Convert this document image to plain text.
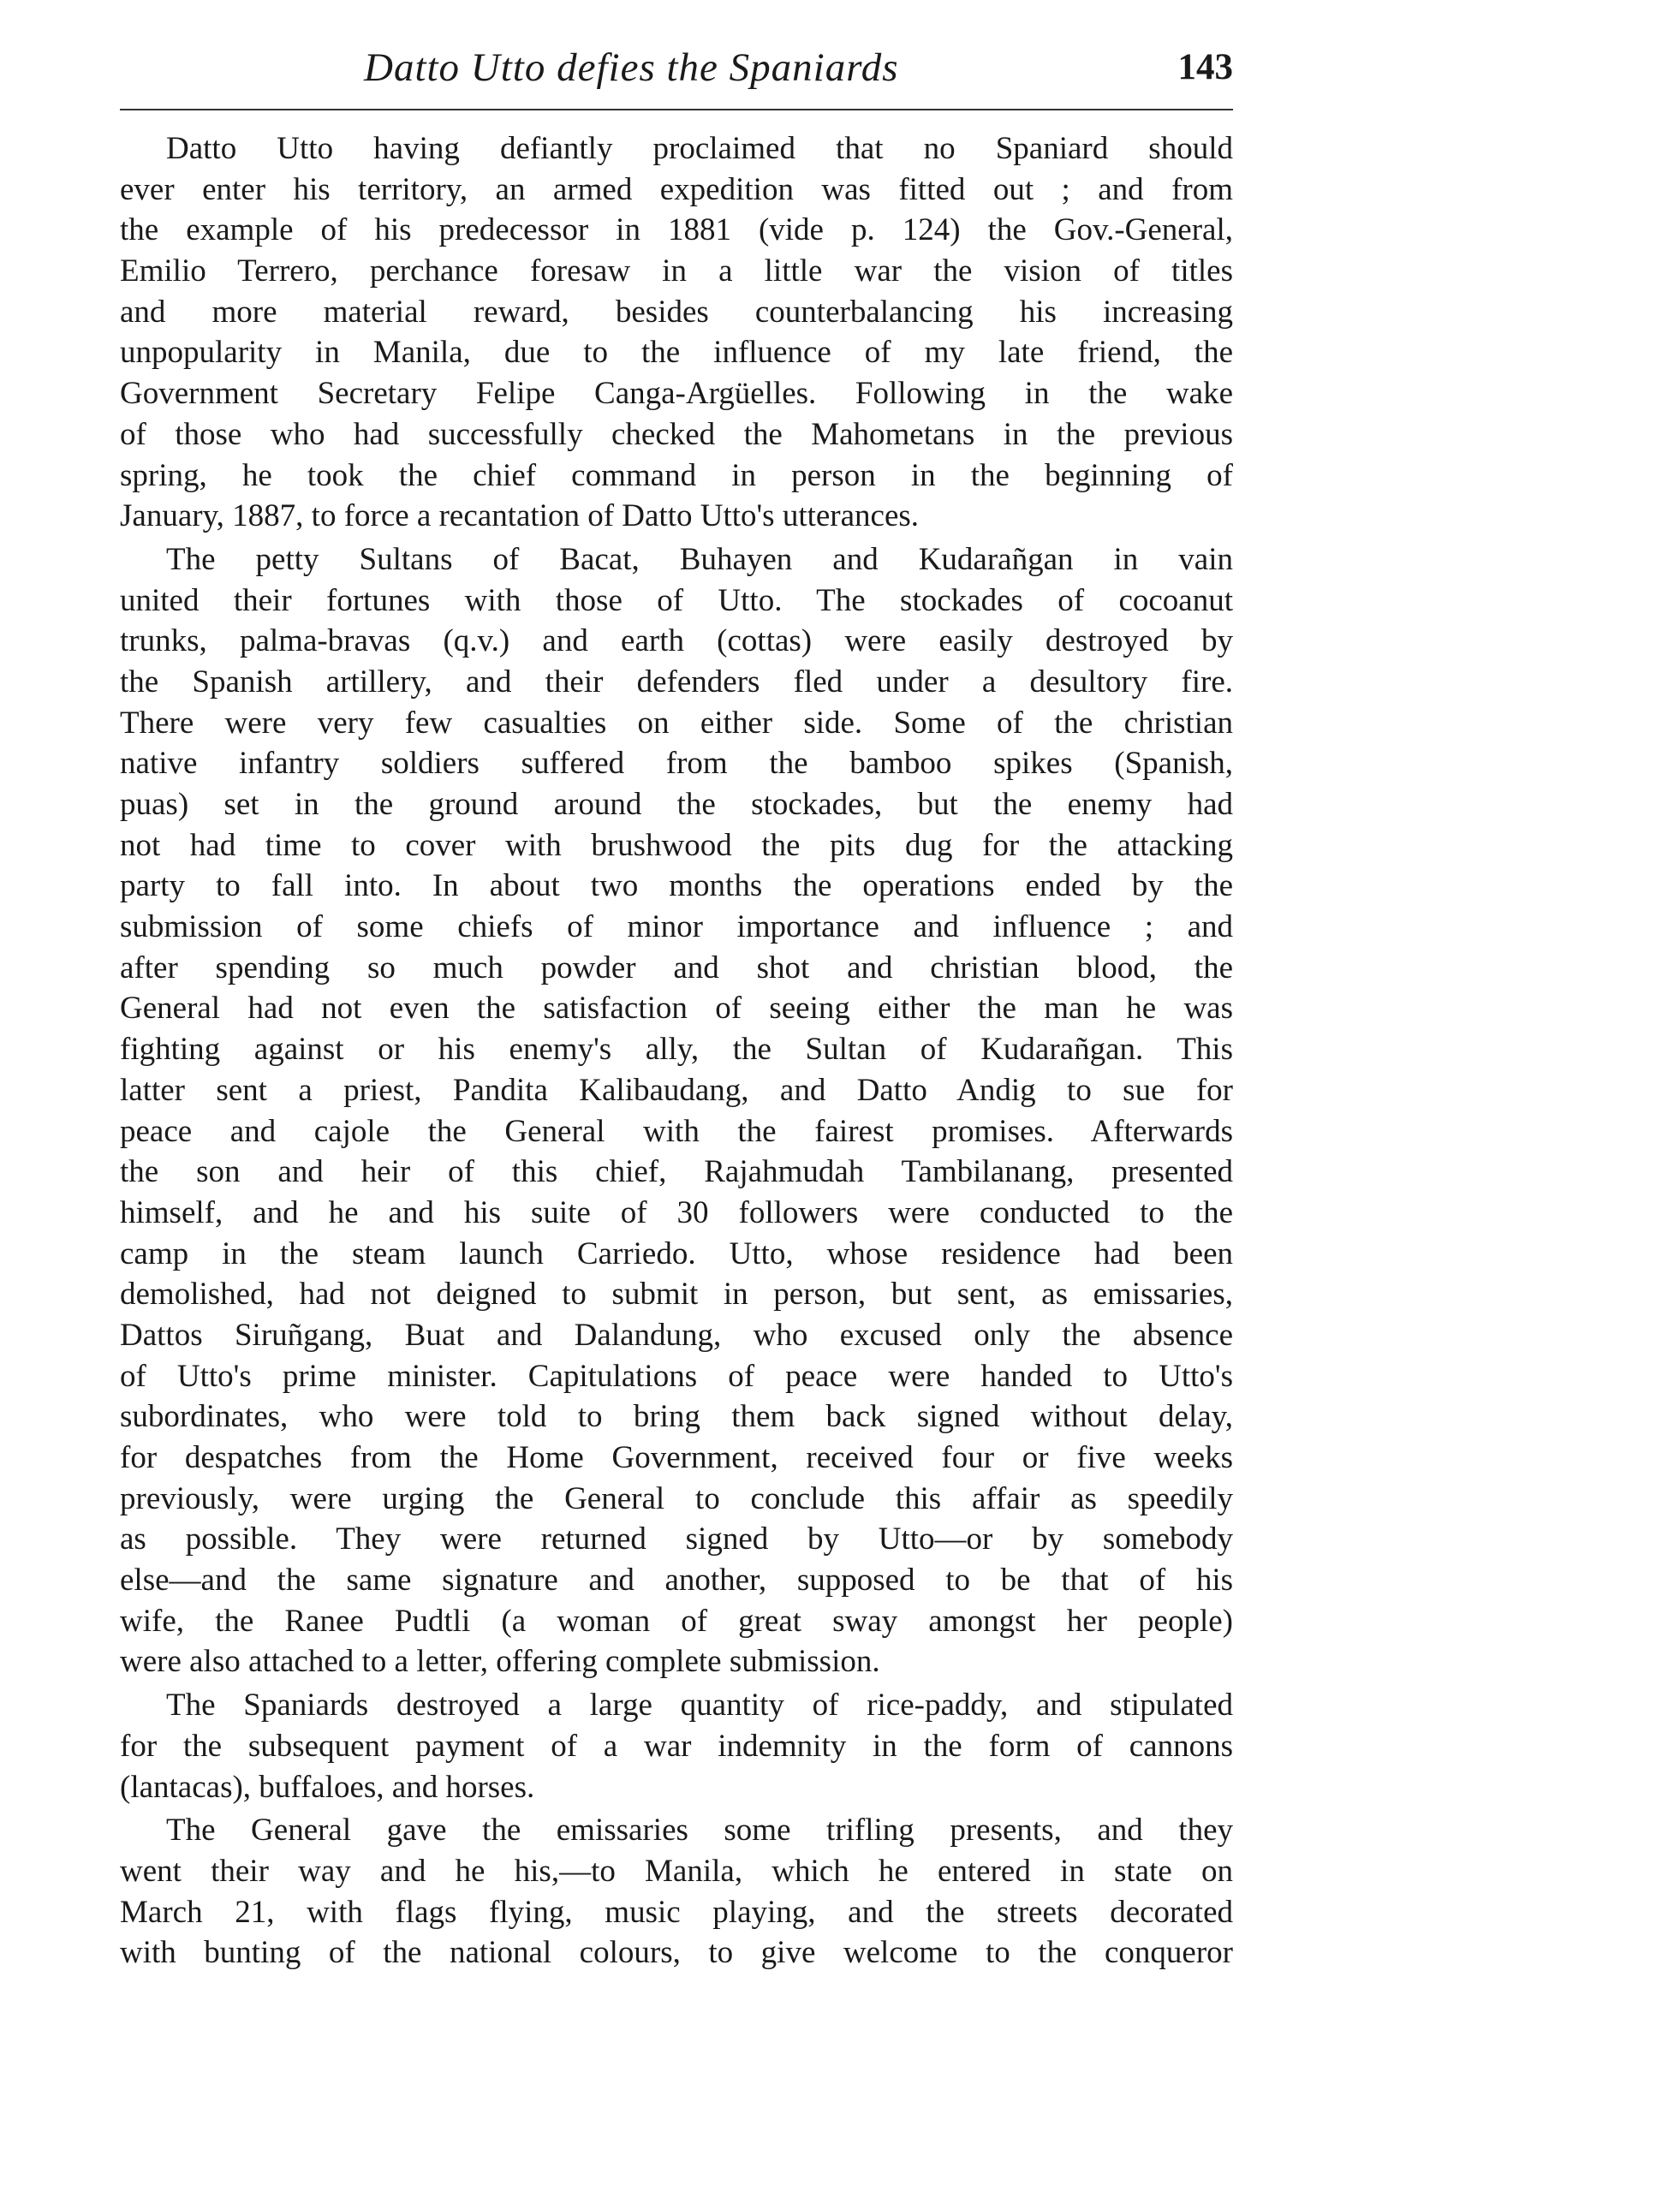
Datto Utto defies the Spaniards	143
Datto Utto having defiantly proclaimed that no Spaniard should
ever enter his territory, an armed expedition was fitted out ; and from
the example of his predecessor in 1881 (vide p. 124) the Gov.-General,
Emilio Terrero, perchance foresaw in a little war the vision of titles
and more material reward, besides counterbalancing his increasing
unpopularity in Manila, due to the influence of my late friend, the
Government Secretary Felipe Canga-Argüelles. Following in the wake
of those who had successfully checked the Mahometans in the previous
spring, he took the chief command in person in the beginning of
January, 1887, to force a recantation of Datto Utto's utterances.
The petty Sultans of Bacat, Buhayen and Kudarañgan in vain
united their fortunes with those of Utto. The stockades of cocoanut
trunks, palma-bravas (q.v.) and earth (cottas) were easily destroyed by
the Spanish artillery, and their defenders fled under a desultory fire.
There were very few casualties on either side. Some of the christian
native infantry soldiers suffered from the bamboo spikes (Spanish,
puas) set in the ground around the stockades, but the enemy had
not had time to cover with brushwood the pits dug for the attacking
party to fall into. In about two months the operations ended by the
submission of some chiefs of minor importance and influence ; and
after spending so much powder and shot and christian blood, the
General had not even the satisfaction of seeing either the man he was
fighting against or his enemy's ally, the Sultan of Kudarañgan. This
latter sent a priest, Pandita Kalibaudang, and Datto Andig to sue for
peace and cajole the General with the fairest promises. Afterwards
the son and heir of this chief, Rajahmudah Tambilanang, presented
himself, and he and his suite of 30 followers were conducted to the
camp in the steam launch Carriedo. Utto, whose residence had been
demolished, had not deigned to submit in person, but sent, as emissaries,
Dattos Siruñgang, Buat and Dalandung, who excused only the absence
of Utto's prime minister. Capitulations of peace were handed to Utto's
subordinates, who were told to bring them back signed without delay,
for despatches from the Home Government, received four or five weeks
previously, were urging the General to conclude this affair as speedily
as possible. They were returned signed by Utto—or by somebody
else—and the same signature and another, supposed to be that of his
wife, the Ranee Pudtli (a woman of great sway amongst her people)
were also attached to a letter, offering complete submission.
The Spaniards destroyed a large quantity of rice-paddy, and stipulated
for the subsequent payment of a war indemnity in the form of cannons
(lantacas), buffaloes, and horses.
The General gave the emissaries some trifling presents, and they
went their way and he his,—to Manila, which he entered in state on
March 21, with flags flying, music playing, and the streets decorated
with bunting of the national colours, to give welcome to the conqueror
